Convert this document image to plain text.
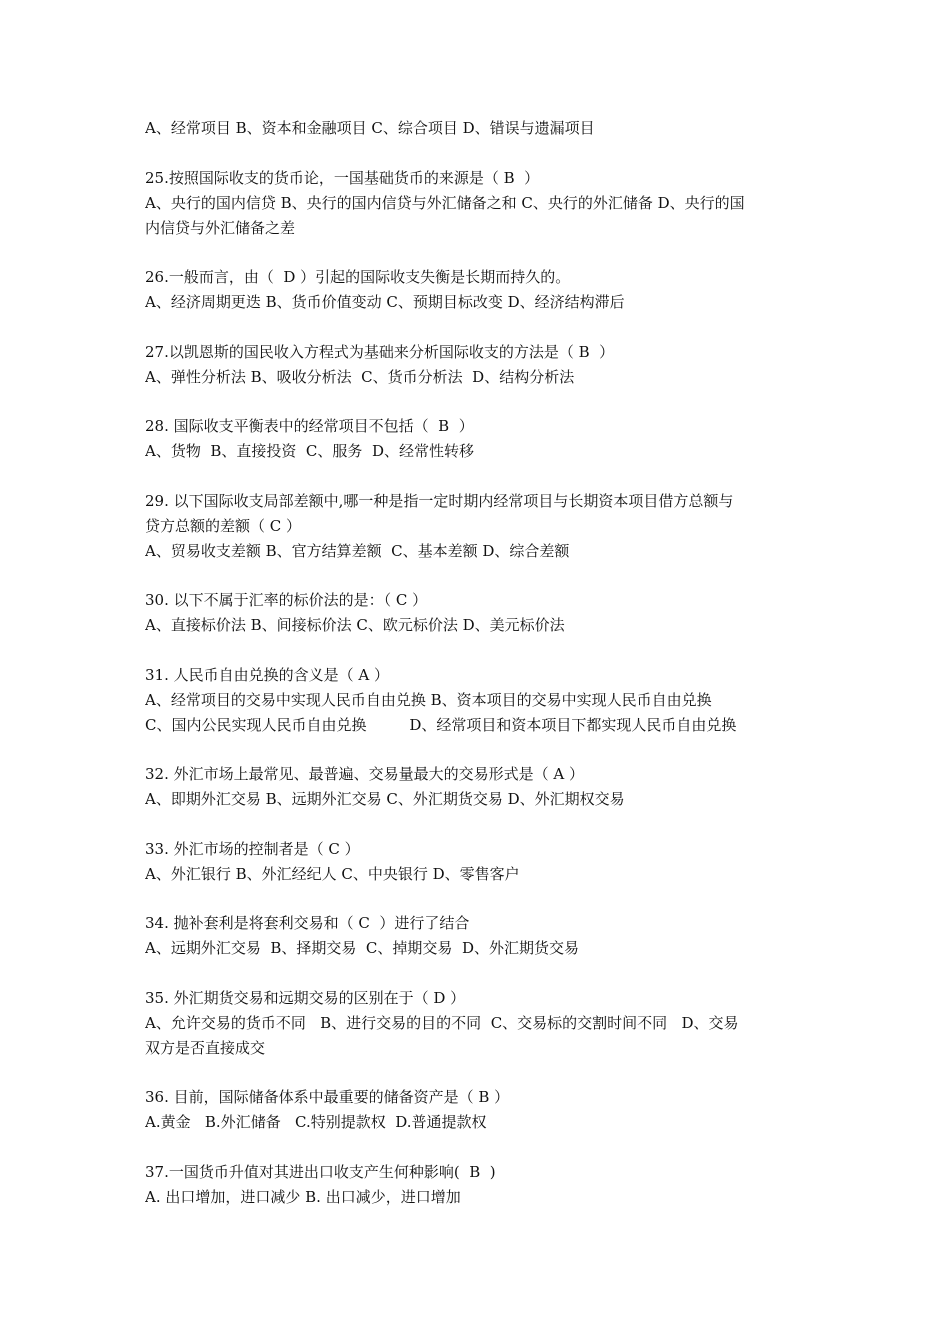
A、经常项目 B、资本和金融项目 C、综合项目 D、错误与遗漏项目
25.按照国际收支的货币论，一国基础货币的来源是（ B  ）
A、央行的国内信贷 B、央行的国内信贷与外汇储备之和 C、央行的外汇储备 D、央行的国
内信贷与外汇储备之差
26.一般而言，由（  D ）引起的国际收支失衡是长期而持久的。
A、经济周期更迭 B、货币价值变动 C、预期目标改变 D、经济结构滞后
27.以凯恩斯的国民收入方程式为基础来分析国际收支的方法是（ B  ）
A、弹性分析法 B、吸收分析法  C、货币分析法  D、结构分析法
28. 国际收支平衡表中的经常项目不包括（  B  ）
A、货物  B、直接投资  C、服务  D、经常性转移
29. 以下国际收支局部差额中,哪一种是指一定时期内经常项目与长期资本项目借方总额与
贷方总额的差额（ C ）
A、贸易收支差额 B、官方结算差额  C、基本差额 D、综合差额
30. 以下不属于汇率的标价法的是：（ C ）
A、直接标价法 B、间接标价法 C、欧元标价法 D、美元标价法
31. 人民币自由兑换的含义是（ A ）
A、经常项目的交易中实现人民币自由兑换 B、资本项目的交易中实现人民币自由兑换
C、国内公民实现人民币自由兑换         D、经常项目和资本项目下都实现人民币自由兑换
32. 外汇市场上最常见、最普遍、交易量最大的交易形式是（ A ）
A、即期外汇交易 B、远期外汇交易 C、外汇期货交易 D、外汇期权交易
33. 外汇市场的控制者是（ C ）
A、外汇银行 B、外汇经纪人 C、中央银行 D、零售客户
34. 抛补套利是将套利交易和（ C  ）进行了结合
A、远期外汇交易  B、择期交易  C、掉期交易  D、外汇期货交易
35. 外汇期货交易和远期交易的区别在于（ D ）
A、允许交易的货币不同   B、进行交易的目的不同  C、交易标的交割时间不同   D、交易
双方是否直接成交
36. 目前，国际储备体系中最重要的储备资产是（ B ）
A.黄金   B.外汇储备   C.特别提款权  D.普通提款权
37.一国货币升值对其进出口收支产生何种影响(  B  )
A. 出口增加，进口减少 B. 出口减少，进口增加
